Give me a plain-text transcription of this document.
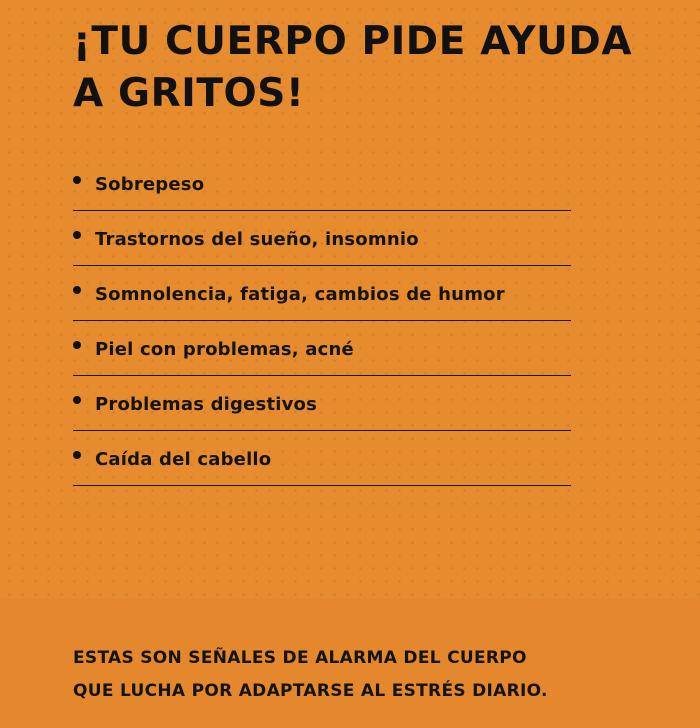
¡TU CUERPO PIDE AYUDA
A GRITOS!
Sobrepeso
Trastornos del sueño, insomnio
Somnolencia, fatiga, cambios de humor
Piel con problemas, acné
Problemas digestivos
Caída del cabello

ESTAS SON SEÑALES DE ALARMA DEL CUERPO
QUE LUCHA POR ADAPTARSE AL ESTRÉS DIARIO.
